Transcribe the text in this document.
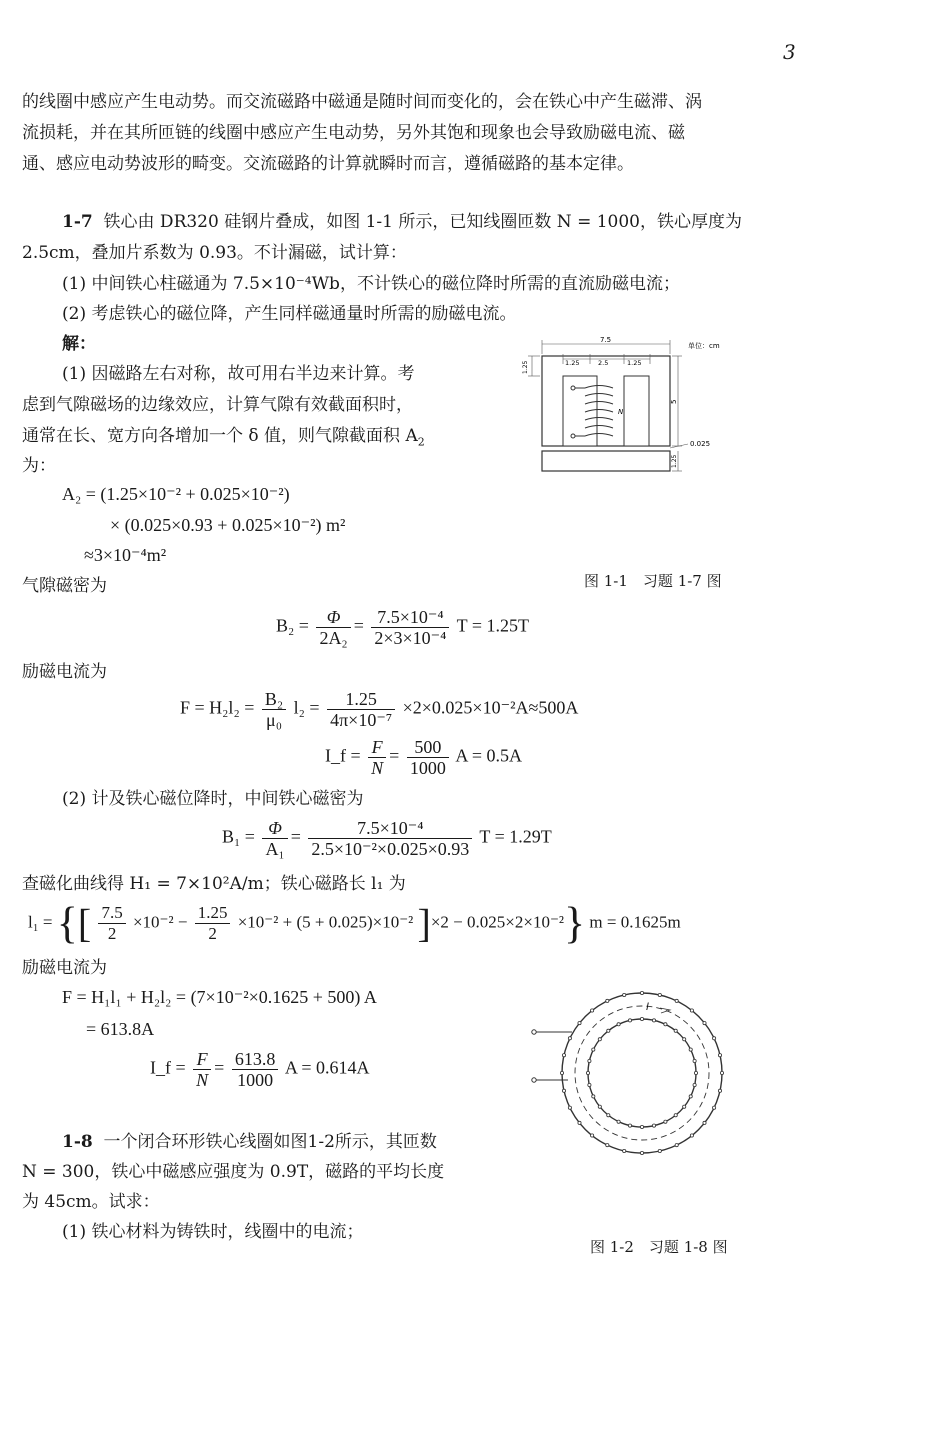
3
的线圈中感应产生电动势。而交流磁路中磁通是随时间而变化的，会在铁心中产生磁滞、涡
流损耗，并在其所匝链的线圈中感应产生电动势，另外其饱和现象也会导致励磁电流、磁
通、感应电动势波形的畸变。交流磁路的计算就瞬时而言，遵循磁路的基本定律。
1-7 铁心由 DR320 硅钢片叠成，如图 1-1 所示，已知线圈匝数 N = 1000，铁心厚度为
2.5cm，叠加片系数为 0.93。不计漏磁，试计算：
(1) 中间铁心柱磁通为 7.5×10⁻⁴Wb，不计铁心的磁位降时所需的直流励磁电流；
(2) 考虑铁心的磁位降，产生同样磁通量时所需的励磁电流。
解：
(1) 因磁路左右对称，故可用右半边来计算。考
虑到气隙磁场的边缘效应，计算气隙有效截面积时，
通常在长、宽方向各增加一个 δ 值，则气隙截面积 $A_2$
为：
A₂ = (1.25×10⁻² + 0.025×10⁻²)
× (0.025×0.93 + 0.025×10⁻²) m²
≈3×10⁻⁴m²
气隙磁密为
$B_2 = \frac{\Phi}{\text{2A₂}} = \frac{\text{7.5×10⁻⁴}}{\text{2×3×10⁻⁴}}$ T = 1.25T
励磁电流为
$F = H_2l_2 = \frac{\text{B₂}}{\text{μ₀}} l_2 = \frac{1.25}{\text{4π×10⁻⁷}} \times 2\times 0.025\times 10^{-2}A\approx 500A$
I_f = $\frac{F}{N} = \frac{500}{1000}$ A = 0.5A
(2) 计及铁心磁位降时，中间铁心磁密为
$B_1 = \frac{\Phi}{\text{A₁}} = \frac{\text{7.5×10⁻⁴}}{\text{2.5×10⁻²×0.025×0.93}}$ T = 1.29T
查磁化曲线得 H₁ = 7×10²A/m；铁心磁路长 l₁ 为
l₁ = {[ $\frac{7.5}{2} \times 10^{-2} - \frac{1.25}{2} \times 10^{-2} + (5 + 0.025)\times 10^{-2}$ ]×2 − 0.025×2×10⁻²} m = 0.1625m
励磁电流为
F = H₁l₁ + H₂l₂ = (7×10⁻²×0.1625 + 500) A
= 613.8A
I_f = $\frac{F}{N} = \frac{613.8}{1000}$ A = 0.614A
1-8 一个闭合环形铁心线圈如图1-2所示，其匝数
N = 300，铁心中磁感应强度为 0.9T，磁路的平均长度
为 45cm。试求：
(1) 铁心材料为铸铁时，线圈中的电流；
N
7.5
1.25	2.5	1.25
1.25
5
0.025
1.25
单位：cm
图 1-1　习题 1-7 图
l
图 1-2　习题 1-8 图
